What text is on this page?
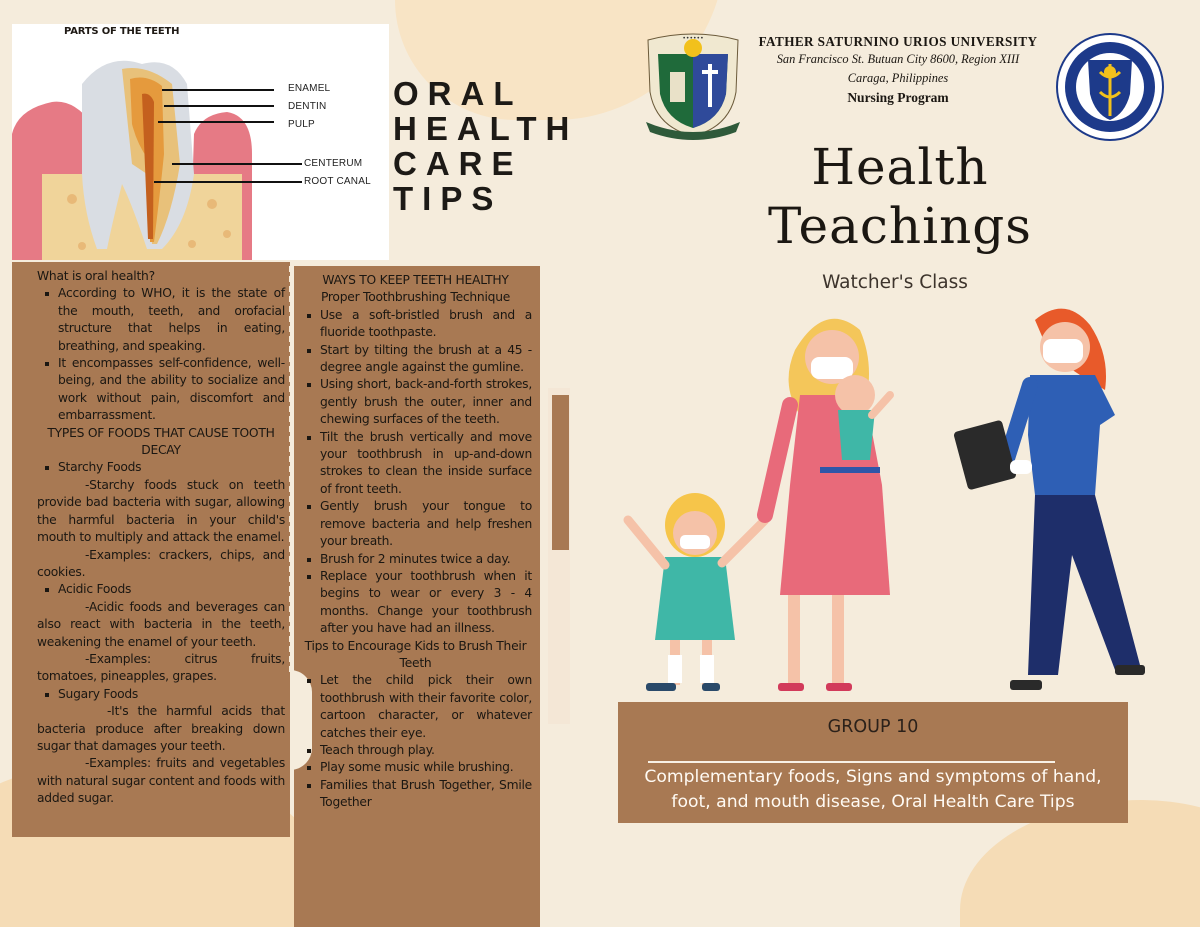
PARTS OF THE TEETH
ENAMEL
DENTIN
PULP
CENTERUM
ROOT CANAL
ORAL
HEALTH
CARE
TIPS
What is oral health?
According to WHO, it is the state of the mouth, teeth, and orofacial structure that helps in eating, breathing, and speaking.
It encompasses self-confidence, well-being, and the ability to socialize and work without pain, discomfort and embarrassment.
TYPES OF FOODS THAT CAUSE TOOTH DECAY
Starchy Foods
-Starchy foods stuck on teeth provide bad bacteria with sugar, allowing the harmful bacteria in your child's mouth to multiply and attack the enamel.
-Examples: crackers, chips, and cookies.
Acidic Foods
-Acidic foods and beverages can also react with bacteria in the teeth, weakening the enamel of your teeth.
-Examples: citrus fruits, tomatoes, pineapples, grapes.
Sugary Foods
-It's the harmful acids that bacteria produce after breaking down sugar that damages your teeth.
-Examples: fruits and vegetables with natural sugar content and foods with added sugar.
WAYS TO KEEP TEETH HEALTHY
Proper Toothbrushing Technique
Use a soft-bristled brush and a fluoride toothpaste.
Start by tilting the brush at a 45 -degree angle against the gumline.
Using short, back-and-forth strokes, gently brush the outer, inner and chewing surfaces of the teeth.
Tilt the brush vertically and move your toothbrush in up-and-down strokes to clean the inside surface of front teeth.
Gently brush your tongue to remove bacteria and help freshen your breath.
Brush for 2 minutes twice a day.
Replace your toothbrush when it begins to wear or every 3 - 4 months. Change your toothbrush after you have had an illness.
Tips to Encourage Kids to Brush Their Teeth
Let the child pick their own toothbrush with their favorite color, cartoon character, or whatever catches their eye.
Teach through play.
Play some music while brushing.
Families that Brush Together, Smile Together
••••••	FATHER SATURNINO URIOS UNIVERSITY
San Francisco St. Butuan City 8600, Region XIII
Caraga, Philippines
Nursing Program
Health
Teachings
Watcher's Class
GROUP 10
Complementary foods, Signs and symptoms of hand, foot, and mouth disease, Oral Health Care Tips
